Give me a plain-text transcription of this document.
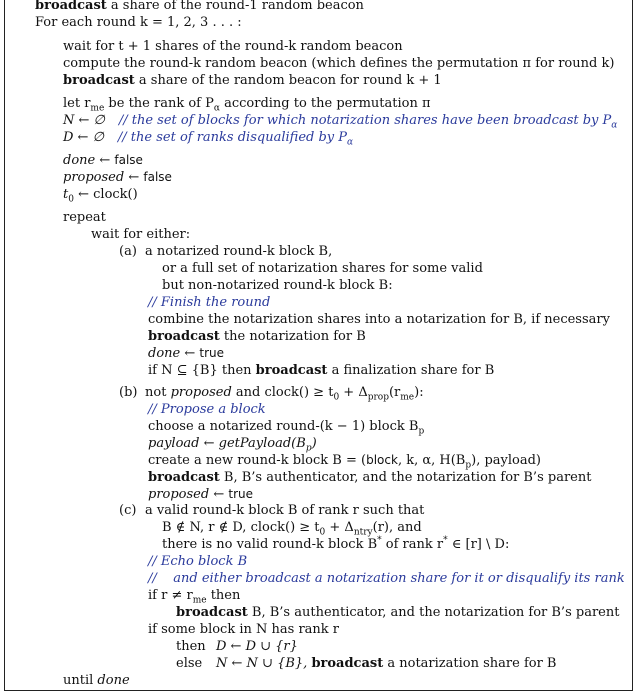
broadcast a share of the round-1 random beacon
For each round k = 1, 2, 3 . . . :
wait for t + 1 shares of the round-k random beacon
compute the round-k random beacon (which defines the permutation π for round k)
broadcast a share of the random beacon for round k + 1
let $r_{me}$ be the rank of $P_\alpha$ according to the permutation π
N ← ∅ // the set of blocks for which notarization shares have been broadcast by $P_\alpha$
D ← ∅ // the set of ranks disqualified by $P_\alpha$
done ← false
proposed ← false
$t_0$ ← clock()
repeat
wait for either:
(a) a notarized round-k block B,
or a full set of notarization shares for some valid
but non-notarized round-k block B:
// Finish the round
combine the notarization shares into a notarization for B, if necessary
broadcast the notarization for B
done ← true
if N ⊆ {B} then broadcast a finalization share for B
(b) not proposed and clock() ≥ $t_0 + \Delta_{prop}(r_{me})$:
// Propose a block
choose a notarized round-(k − 1) block $B_p$
payload ← $getPayload(B_p)$
create a new round-k block B = (block, k, α, $H(B_p)$, payload)
broadcast B, B’s authenticator, and the notarization for B’s parent
proposed ← true
(c) a valid round-k block B of rank r such that
B ∉ N, r ∉ D, clock() ≥ $t_0 + \Delta_{ntry}(r)$, and
there is no valid round-k block B* of rank r* ∈ [r] \ D:
// Echo block B
//    and either broadcast a notarization share for it or disqualify its rank
if $r \ne r_{me}$ then
broadcast B, B’s authenticator, and the notarization for B’s parent
if some block in N has rank r
then D ← D ∪ {r}
else N ← N ∪ {B}, broadcast a notarization share for B
until done
